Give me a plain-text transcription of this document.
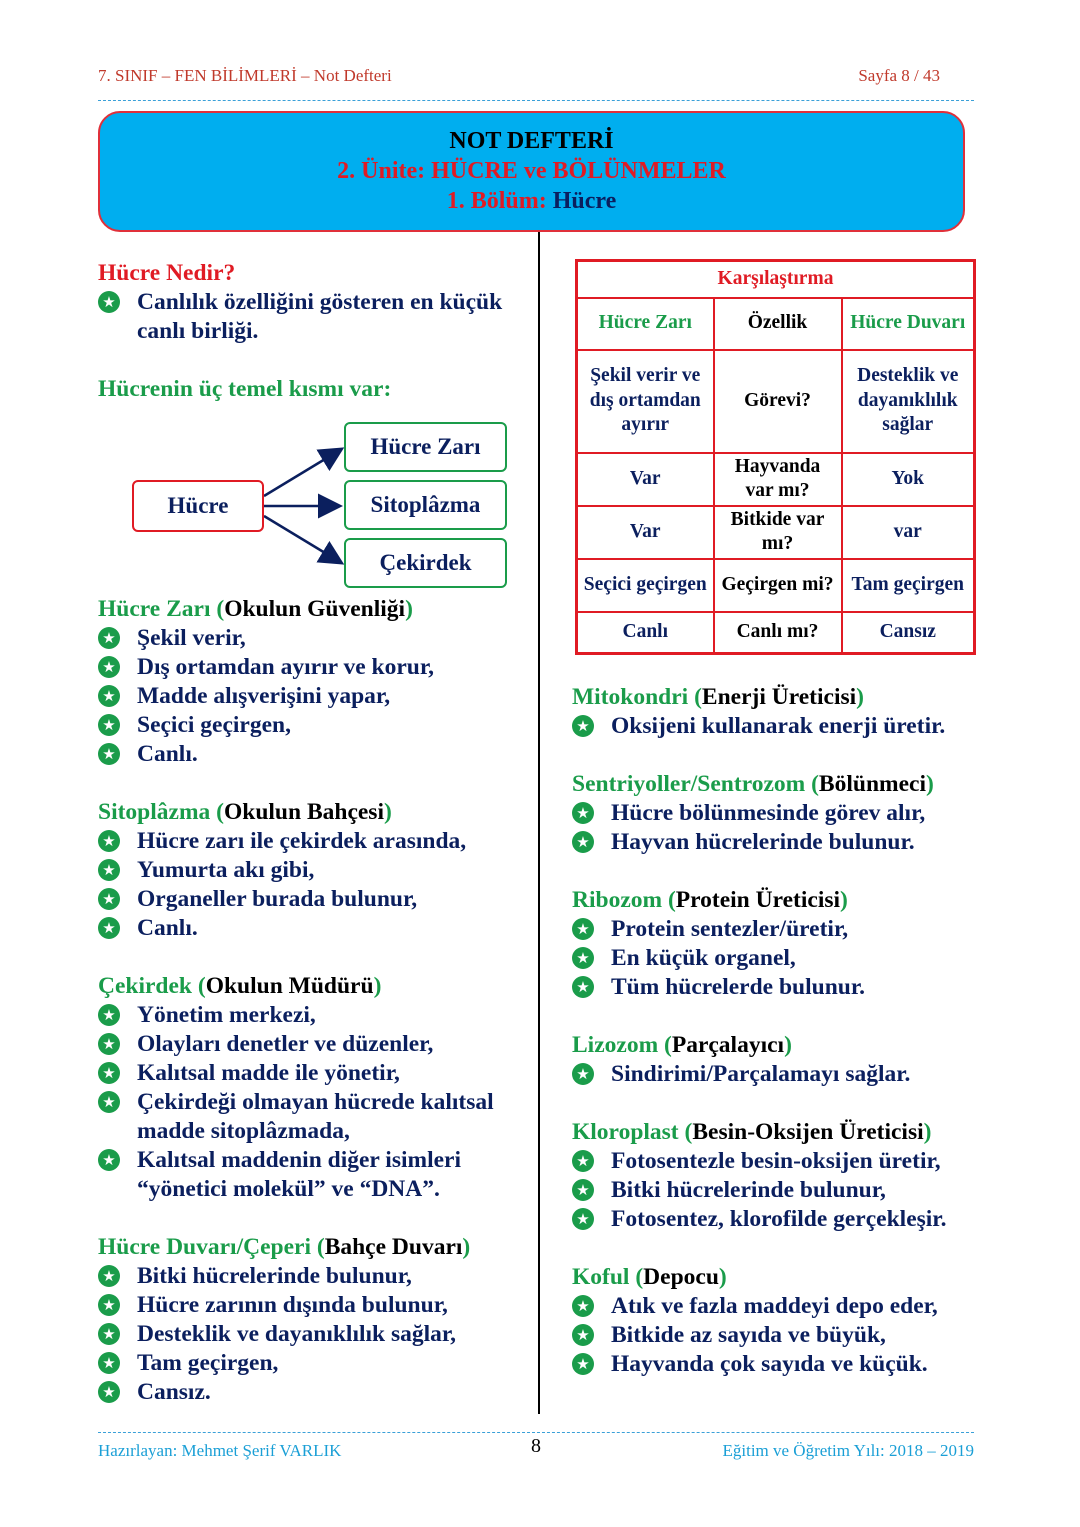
7. SINIF – FEN BİLİMLERİ – Not Defteri	Sayfa 8 / 43
NOT DEFTERİ
2. Ünite: HÜCRE ve BÖLÜNMELER
1. Bölüm: Hücre
Hücre Nedir?
★ Canlılık özelliğini gösteren en küçük canlı birliği.
Hücrenin üç temel kısmı var:
Hücre
Hücre Zarı
Sitoplâzma
Çekirdek
Hücre Zarı (Okulun Güvenliği)
★ Şekil verir,
★ Dış ortamdan ayırır ve korur,
★ Madde alışverişini yapar,
★ Seçici geçirgen,
★ Canlı.
Sitoplâzma (Okulun Bahçesi)
★ Hücre zarı ile çekirdek arasında,
★ Yumurta akı gibi,
★ Organeller burada bulunur,
★ Canlı.
Çekirdek (Okulun Müdürü)
★ Yönetim merkezi,
★ Olayları denetler ve düzenler,
★ Kalıtsal madde ile yönetir,
★ Çekirdeği olmayan hücrede kalıtsal madde sitoplâzmada,
★ Kalıtsal maddenin diğer isimleri “yönetici molekül” ve “DNA”.
Hücre Duvarı/Çeperi (Bahçe Duvarı)
★ Bitki hücrelerinde bulunur,
★ Hücre zarının dışında bulunur,
★ Desteklik ve dayanıklılık sağlar,
★ Tam geçirgen,
★ Cansız.
Karşılaştırma		
Hücre Zarı	Özellik	Hücre Duvarı
Şekil verir ve dış ortamdan ayırır	Görevi?	Desteklik ve dayanıklılık sağlar
Var	Hayvanda var mı?	Yok
Var	Bitkide var mı?	var
Seçici geçirgen	Geçirgen mi?	Tam geçirgen
Canlı	Canlı mı?	Cansız
Mitokondri (Enerji Üreticisi)
★ Oksijeni kullanarak enerji üretir.
Sentriyoller/Sentrozom (Bölünmeci)
★ Hücre bölünmesinde görev alır,
★ Hayvan hücrelerinde bulunur.
Ribozom (Protein Üreticisi)
★ Protein sentezler/üretir,
★ En küçük organel,
★ Tüm hücrelerde bulunur.
Lizozom (Parçalayıcı)
★ Sindirimi/Parçalamayı sağlar.
Kloroplast (Besin-Oksijen Üreticisi)
★ Fotosentezle besin-oksijen üretir,
★ Bitki hücrelerinde bulunur,
★ Fotosentez, klorofilde gerçekleşir.
Koful (Depocu)
★ Atık ve fazla maddeyi depo eder,
★ Bitkide az sayıda ve büyük,
★ Hayvanda çok sayıda ve küçük.
Hazırlayan: Mehmet Şerif VARLIK	8	Eğitim ve Öğretim Yılı: 2018 – 2019
